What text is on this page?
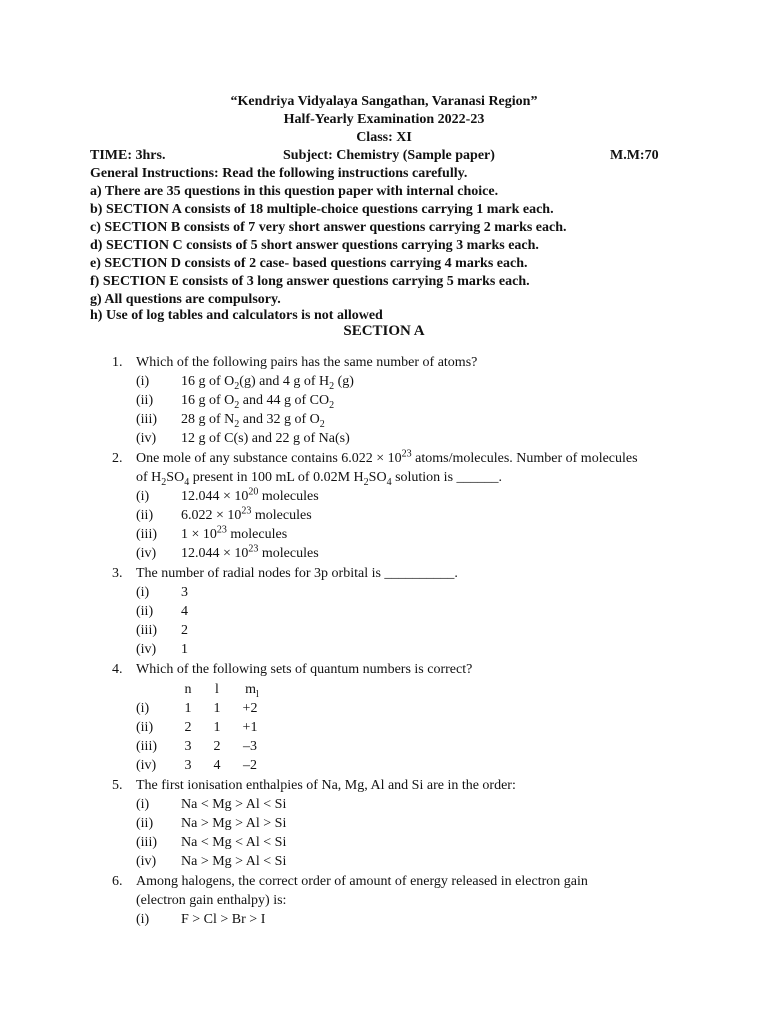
“Kendriya Vidyalaya Sangathan, Varanasi Region”
Half-Yearly Examination 2022-23
Class: XI
TIME: 3hrs.	Subject: Chemistry (Sample paper)	M.M:70
General Instructions: Read the following instructions carefully.
a) There are 35 questions in this question paper with internal choice.
b) SECTION A consists of 18 multiple-choice questions carrying 1 mark each.
c) SECTION B consists of 7 very short answer questions carrying 2 marks each.
d) SECTION C consists of 5 short answer questions carrying 3 marks each.
e) SECTION D consists of 2 case- based questions carrying 4 marks each.
f) SECTION E consists of 3 long answer questions carrying 5 marks each.
g) All questions are compulsory.
h) Use of log tables and calculators is not allowed
SECTION A
1. Which of the following pairs has the same number of atoms?
(i) 16 g of $O_2(g)$ and 4 g of $H_2$ (g)
(ii) 16 g of $O_2$ and 44 g of $CO_2$
(iii) 28 g of $N_2$ and 32 g of $O_2$
(iv) 12 g of C(s) and 22 g of Na(s)
2. One mole of any substance contains $6.022 \times 10^{23}$ atoms/molecules. Number of molecules
of $H_2SO_4$ present in 100 mL of 0.02M $H_2SO_4$ solution is ______.
(i) $12.044 \times 10^{20}$ molecules
(ii) $6.022 \times 10^{23}$ molecules
(iii) $1 \times 10^{23}$ molecules
(iv) $12.044 \times 10^{23}$ molecules
3. The number of radial nodes for 3p orbital is __________.
(i) 3
(ii) 4
(iii) 2
(iv) 1
4. Which of the following sets of quantum numbers is correct?
n	l	$m_l$
(i)	1	1	+2
(ii)	2	1	+1
(iii)	3	2	–3
(iv)	3	4	–2
5. The first ionisation enthalpies of Na, Mg, Al and Si are in the order:
(i) Na < Mg > Al < Si
(ii) Na > Mg > Al > Si
(iii) Na < Mg < Al < Si
(iv) Na > Mg > Al < Si
6. Among halogens, the correct order of amount of energy released in electron gain
(electron gain enthalpy) is:
(i) F > Cl > Br > I
